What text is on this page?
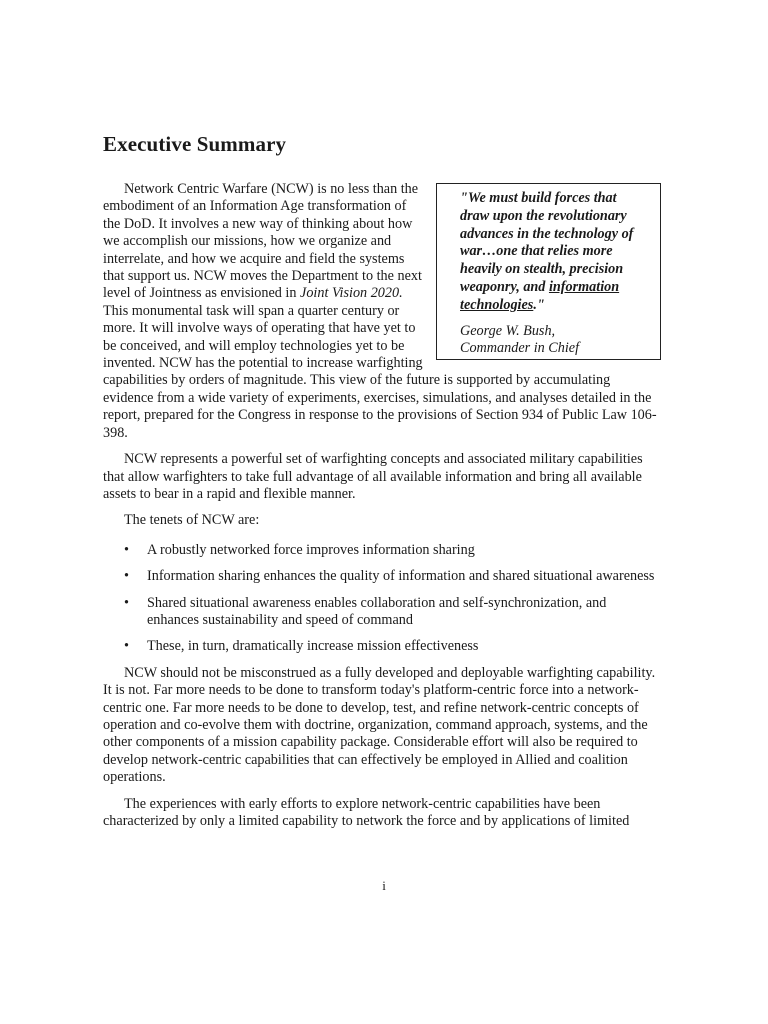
Executive Summary

"We must build forces that draw upon the revolutionary advances in the technology of war…one that relies more heavily on stealth, precision weaponry, and information technologies."

George W. Bush,
Commander in Chief

Network Centric Warfare (NCW) is no less than the embodiment of an Information Age transformation of the DoD. It involves a new way of thinking about how we accomplish our missions, how we organize and interrelate, and how we acquire and field the systems that support us. NCW moves the Department to the next level of Jointness as envisioned in Joint Vision 2020. This monumental task will span a quarter century or more. It will involve ways of operating that have yet to be conceived, and will employ technologies yet to be invented. NCW has the potential to increase warfighting capabilities by orders of magnitude. This view of the future is supported by accumulating evidence from a wide variety of experiments, exercises, simulations, and analyses detailed in the report, prepared for the Congress in response to the provisions of Section 934 of Public Law 106-398.

NCW represents a powerful set of warfighting concepts and associated military capabilities that allow warfighters to take full advantage of all available information and bring all available assets to bear in a rapid and flexible manner.

The tenets of NCW are:

• A robustly networked force improves information sharing
• Information sharing enhances the quality of information and shared situational awareness
• Shared situational awareness enables collaboration and self-synchronization, and enhances sustainability and speed of command
• These, in turn, dramatically increase mission effectiveness

NCW should not be misconstrued as a fully developed and deployable warfighting capability. It is not. Far more needs to be done to transform today's platform-centric force into a network-centric one. Far more needs to be done to develop, test, and refine network-centric concepts of operation and co-evolve them with doctrine, organization, command approach, systems, and the other components of a mission capability package. Considerable effort will also be required to develop network-centric capabilities that can effectively be employed in Allied and coalition operations.

The experiences with early efforts to explore network-centric capabilities have been characterized by only a limited capability to network the force and by applications of limited

i
